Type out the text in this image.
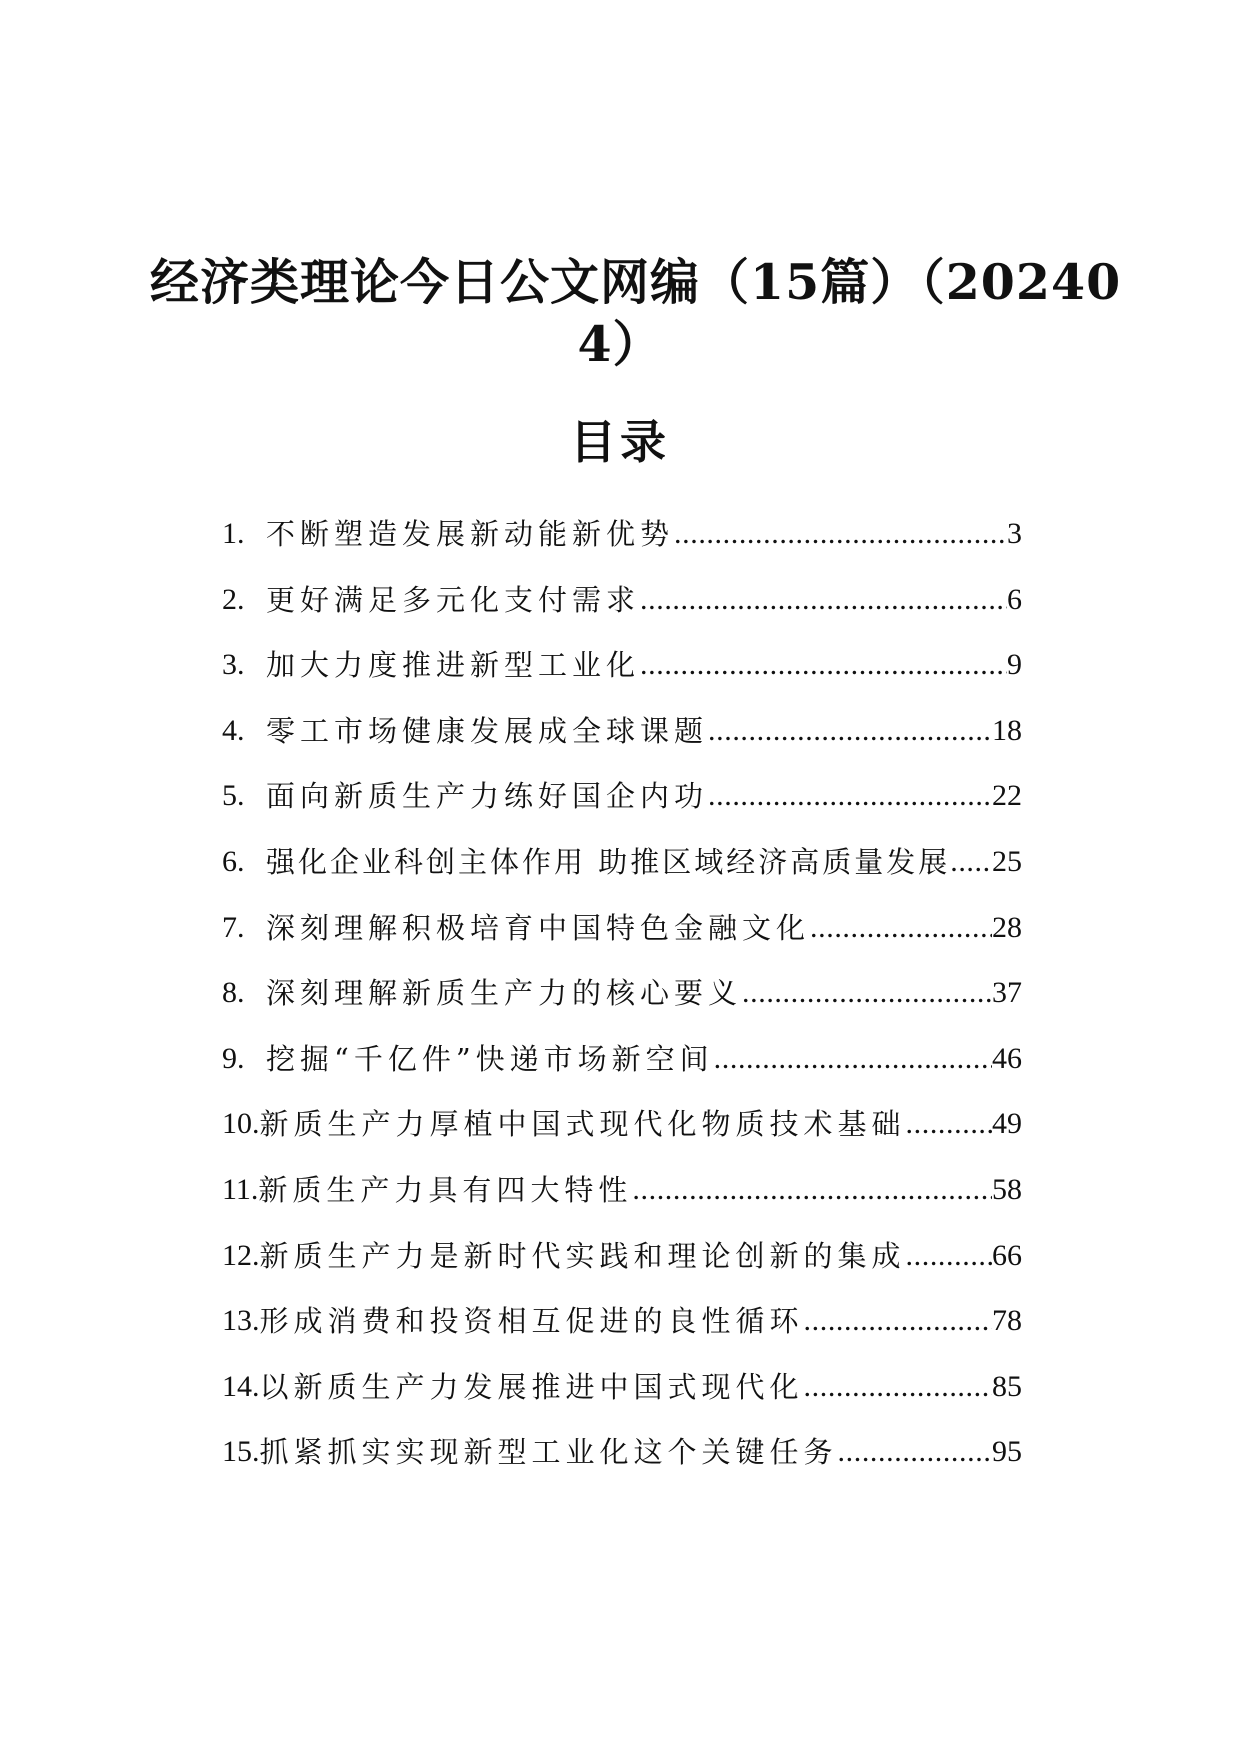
经济类理论今日公文网编（15篇）（20240
4）
目录
1. 不断塑造发展新动能新优势 .....	3
2. 更好满足多元化支付需求 .....	6
3. 加大力度推进新型工业化 .....	9
4. 零工市场健康发展成全球课题 .....	18
5. 面向新质生产力练好国企内功 .....	22
6. 强化企业科创主体作用 助推区域经济高质量发展 ..... 25
7. 深刻理解积极培育中国特色金融文化 .....	28
8. 深刻理解新质生产力的核心要义 .....	37
9. 挖掘“千亿件”快递市场新空间 .....	46
10. 新质生产力厚植中国式现代化物质技术基础 .....	49
11. 新质生产力具有四大特性 .....	58
12. 新质生产力是新时代实践和理论创新的集成 .....	66
13. 形成消费和投资相互促进的良性循环 .....	78
14. 以新质生产力发展推进中国式现代化 .....	85
15. 抓紧抓实实现新型工业化这个关键任务 .....	95
